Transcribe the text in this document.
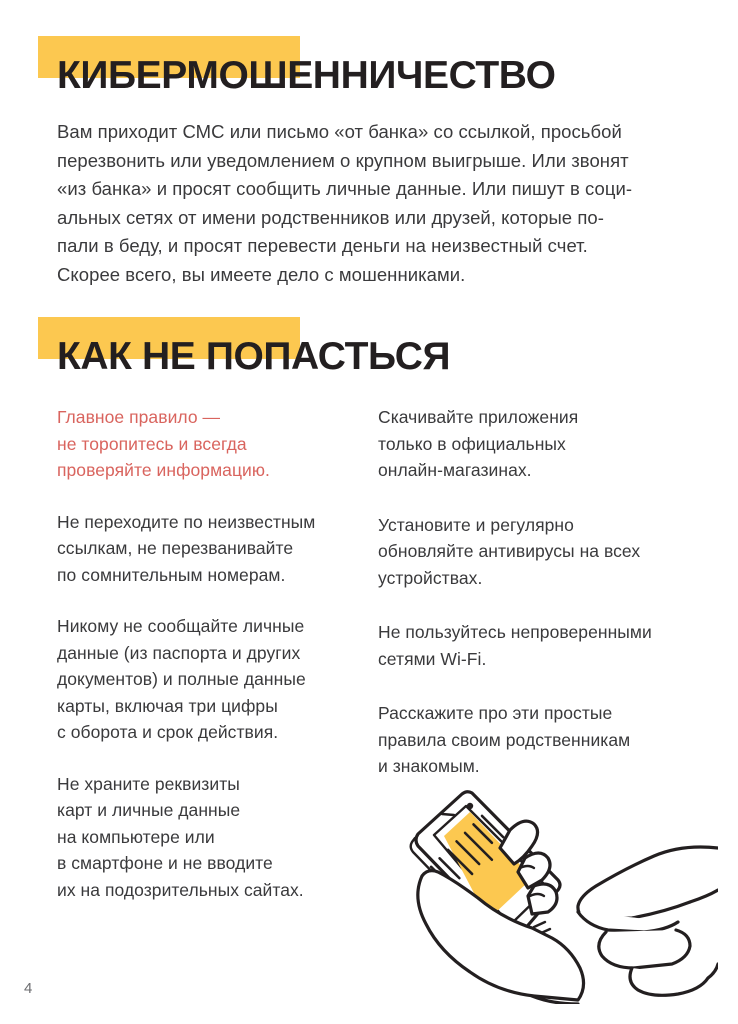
КИБЕРМОШЕННИЧЕСТВО
Вам приходит СМС или письмо «от банка» со ссылкой, просьбой
перезвонить или уведомлением о крупном выигрыше. Или звонят
«из банка» и просят сообщить личные данные. Или пишут в соци-
альных сетях от имени родственников или друзей, которые по-
пали в беду, и просят перевести деньги на неизвестный счет.
Скорее всего, вы имеете дело с мошенниками.
КАК НЕ ПОПАСТЬСЯ
Главное правило —
не торопитесь и всегда
проверяйте информацию.
Не переходите по неизвестным
ссылкам, не перезванивайте
по сомнительным номерам.
Никому не сообщайте личные
данные (из паспорта и других
документов) и полные данные
карты, включая три цифры
с оборота и срок действия.
Не храните реквизиты
карт и личные данные
на компьютере или
в смартфоне и не вводите
их на подозрительных сайтах.
Скачивайте приложения
только в официальных
онлайн-магазинах.
Установите и регулярно
обновляйте антивирусы на всех
устройствах.
Не пользуйтесь непроверенными
сетями Wi-Fi.
Расскажите про эти простые
правила своим родственникам
и знакомым.
4
